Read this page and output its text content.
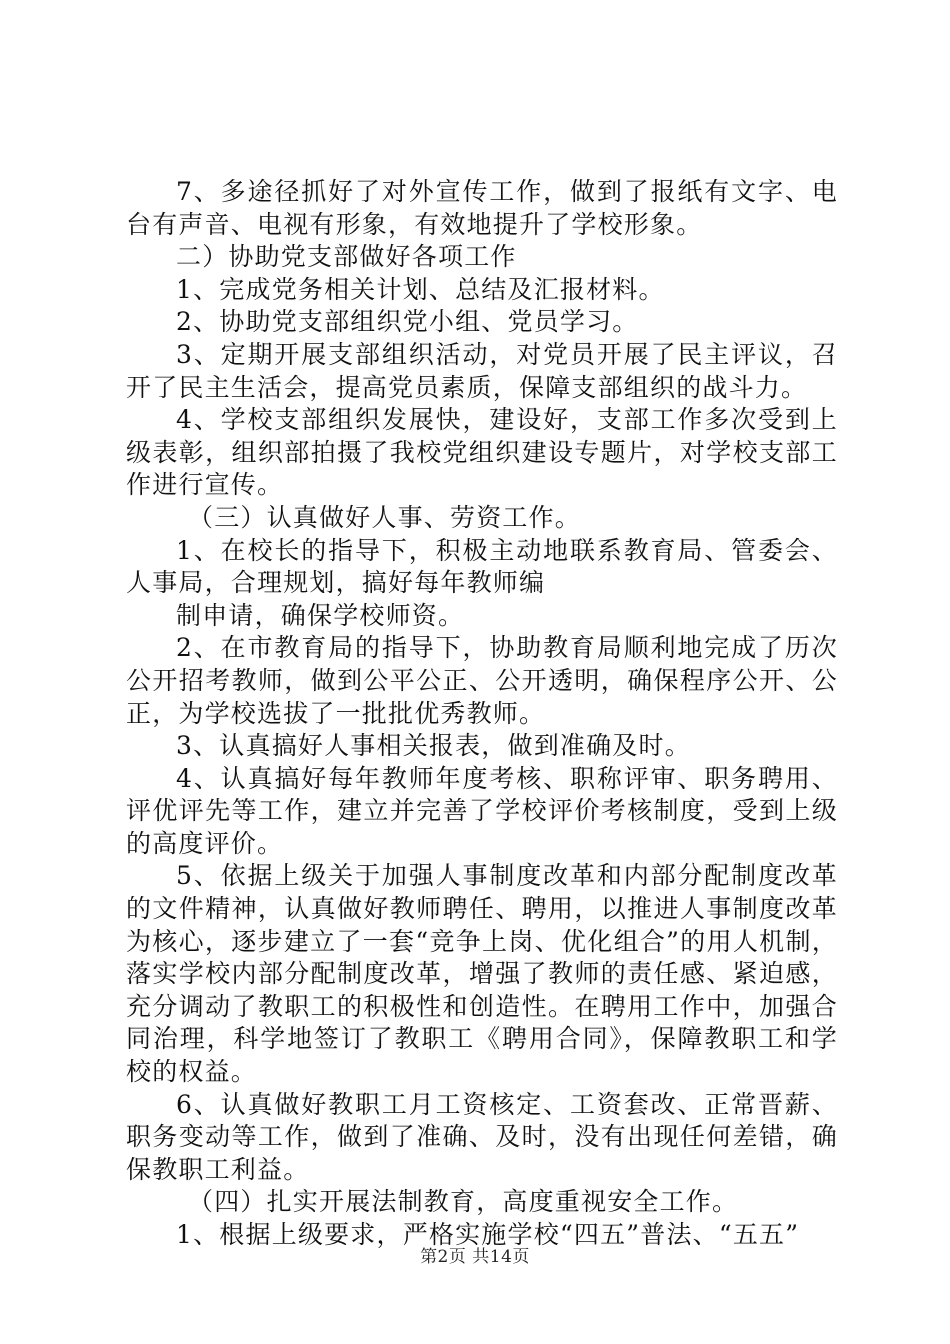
7、多途径抓好了对外宣传工作，做到了报纸有文字、电台有声音、电视有形象，有效地提升了学校形象。

二）协助党支部做好各项工作

1、完成党务相关计划、总结及汇报材料。

2、协助党支部组织党小组、党员学习。

3、定期开展支部组织活动，对党员开展了民主评议，召开了民主生活会，提高党员素质，保障支部组织的战斗力。

4、学校支部组织发展快，建设好，支部工作多次受到上级表彰，组织部拍摄了我校党组织建设专题片，对学校支部工作进行宣传。

（三）认真做好人事、劳资工作。

1、在校长的指导下，积极主动地联系教育局、管委会、人事局，合理规划，搞好每年教师编

制申请，确保学校师资。

2、在市教育局的指导下，协助教育局顺利地完成了历次公开招考教师，做到公平公正、公开透明，确保程序公开、公正，为学校选拔了一批批优秀教师。

3、认真搞好人事相关报表，做到准确及时。

4、认真搞好每年教师年度考核、职称评审、职务聘用、评优评先等工作，建立并完善了学校评价考核制度，受到上级的高度评价。

5、依据上级关于加强人事制度改革和内部分配制度改革的文件精神，认真做好教师聘任、聘用，以推进人事制度改革为核心，逐步建立了一套“竞争上岗、优化组合”的用人机制，落实学校内部分配制度改革，增强了教师的责任感、紧迫感，充分调动了教职工的积极性和创造性。在聘用工作中，加强合同治理，科学地签订了教职工《聘用合同》，保障教职工和学校的权益。

6、认真做好教职工月工资核定、工资套改、正常晋薪、职务变动等工作，做到了准确、及时，没有出现任何差错，确保教职工利益。

（四）扎实开展法制教育，高度重视安全工作。

1、根据上级要求，严格实施学校“四五”普法、“五五”

第2页 共14页
